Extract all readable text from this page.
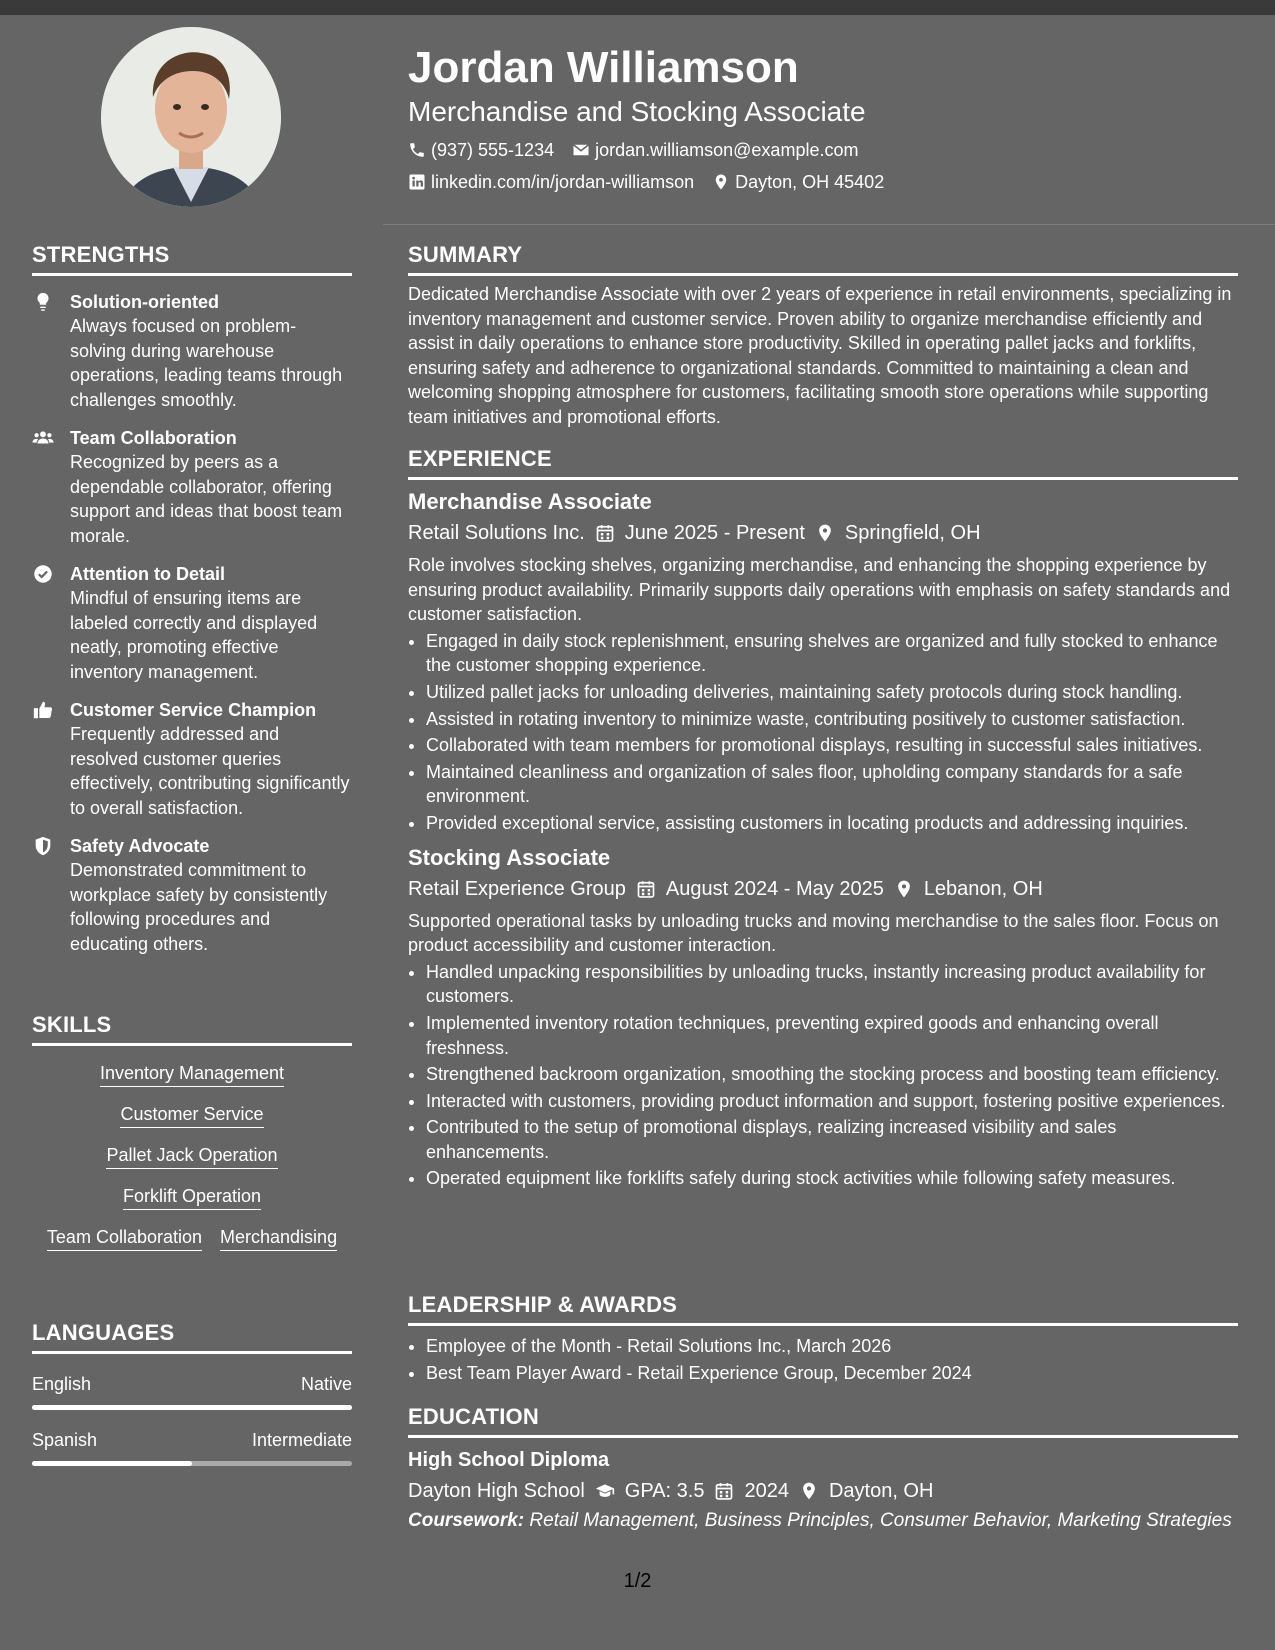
Jordan Williamson
Merchandise and Stocking Associate
(937) 555-1234 jordan.williamson@example.com
linkedin.com/in/jordan-williamson Dayton, OH 45402
STRENGTHS
Solution-oriented
Always focused on problem-solving during warehouse operations, leading teams through challenges smoothly.
Team Collaboration
Recognized by peers as a dependable collaborator, offering support and ideas that boost team morale.
Attention to Detail
Mindful of ensuring items are labeled correctly and displayed neatly, promoting effective inventory management.
Customer Service Champion
Frequently addressed and resolved customer queries effectively, contributing significantly to overall satisfaction.
Safety Advocate
Demonstrated commitment to workplace safety by consistently following procedures and educating others.
SKILLS
Inventory Management
Customer Service
Pallet Jack Operation
Forklift Operation
Team Collaboration Merchandising
LANGUAGES
English	Native
Spanish	Intermediate
SUMMARY
Dedicated Merchandise Associate with over 2 years of experience in retail environments, specializing in inventory management and customer service. Proven ability to organize merchandise efficiently and assist in daily operations to enhance store productivity. Skilled in operating pallet jacks and forklifts, ensuring safety and adherence to organizational standards. Committed to maintaining a clean and welcoming shopping atmosphere for customers, facilitating smooth store operations while supporting team initiatives and promotional efforts.
EXPERIENCE
Merchandise Associate
Retail Solutions Inc. June 2025 - Present Springfield, OH
Role involves stocking shelves, organizing merchandise, and enhancing the shopping experience by ensuring product availability. Primarily supports daily operations with emphasis on safety standards and customer satisfaction.
• Engaged in daily stock replenishment, ensuring shelves are organized and fully stocked to enhance the customer shopping experience.
• Utilized pallet jacks for unloading deliveries, maintaining safety protocols during stock handling.
• Assisted in rotating inventory to minimize waste, contributing positively to customer satisfaction.
• Collaborated with team members for promotional displays, resulting in successful sales initiatives.
• Maintained cleanliness and organization of sales floor, upholding company standards for a safe environment.
• Provided exceptional service, assisting customers in locating products and addressing inquiries.
Stocking Associate
Retail Experience Group August 2024 - May 2025 Lebanon, OH
Supported operational tasks by unloading trucks and moving merchandise to the sales floor. Focus on product accessibility and customer interaction.
• Handled unpacking responsibilities by unloading trucks, instantly increasing product availability for customers.
• Implemented inventory rotation techniques, preventing expired goods and enhancing overall freshness.
• Strengthened backroom organization, smoothing the stocking process and boosting team efficiency.
• Interacted with customers, providing product information and support, fostering positive experiences.
• Contributed to the setup of promotional displays, realizing increased visibility and sales enhancements.
• Operated equipment like forklifts safely during stock activities while following safety measures.
LEADERSHIP & AWARDS
• Employee of the Month - Retail Solutions Inc., March 2026
• Best Team Player Award - Retail Experience Group, December 2024
EDUCATION
High School Diploma
Dayton High School GPA: 3.5 2024 Dayton, OH
Coursework: Retail Management, Business Principles, Consumer Behavior, Marketing Strategies
1/2
